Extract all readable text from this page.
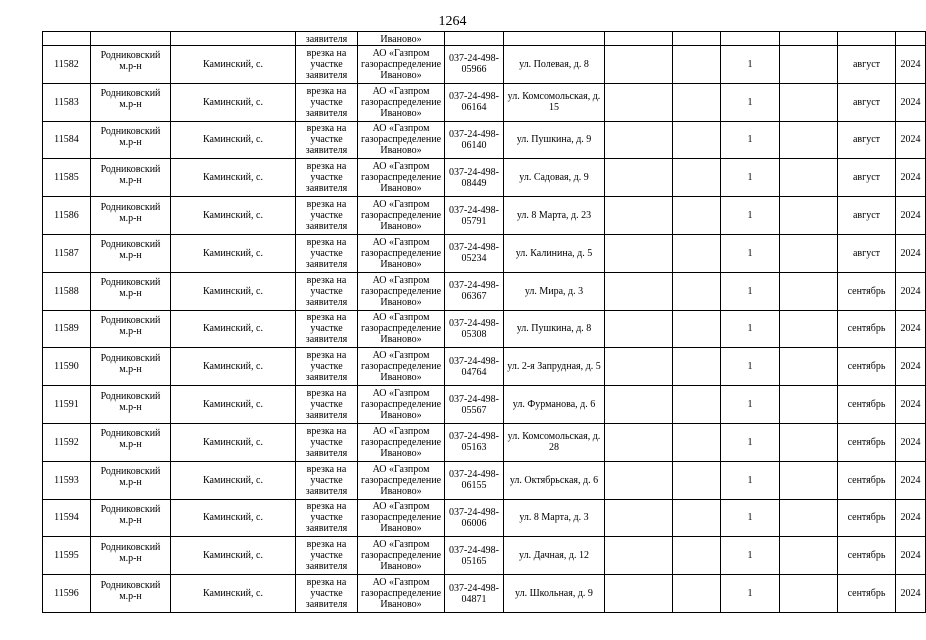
1264
			заявителя	Иваново»								
11582	Родниковский м.р-н	Каминский, с.	врезка на участке заявителя	АО «Газпром газораспределение Иваново»	037-24-498-05966	ул. Полевая, д. 8			1		август	2024
11583	Родниковский м.р-н	Каминский, с.	врезка на участке заявителя	АО «Газпром газораспределение Иваново»	037-24-498-06164	ул. Комсомольская, д. 15			1		август	2024
11584	Родниковский м.р-н	Каминский, с.	врезка на участке заявителя	АО «Газпром газораспределение Иваново»	037-24-498-06140	ул. Пушкина, д. 9			1		август	2024
11585	Родниковский м.р-н	Каминский, с.	врезка на участке заявителя	АО «Газпром газораспределение Иваново»	037-24-498-08449	ул. Садовая, д. 9			1		август	2024
11586	Родниковский м.р-н	Каминский, с.	врезка на участке заявителя	АО «Газпром газораспределение Иваново»	037-24-498-05791	ул. 8 Марта, д. 23			1		август	2024
11587	Родниковский м.р-н	Каминский, с.	врезка на участке заявителя	АО «Газпром газораспределение Иваново»	037-24-498-05234	ул. Калинина, д. 5			1		август	2024
11588	Родниковский м.р-н	Каминский, с.	врезка на участке заявителя	АО «Газпром газораспределение Иваново»	037-24-498-06367	ул. Мира, д. 3			1		сентябрь	2024
11589	Родниковский м.р-н	Каминский, с.	врезка на участке заявителя	АО «Газпром газораспределение Иваново»	037-24-498-05308	ул. Пушкина, д. 8			1		сентябрь	2024
11590	Родниковский м.р-н	Каминский, с.	врезка на участке заявителя	АО «Газпром газораспределение Иваново»	037-24-498-04764	ул. 2-я Запрудная, д. 5			1		сентябрь	2024
11591	Родниковский м.р-н	Каминский, с.	врезка на участке заявителя	АО «Газпром газораспределение Иваново»	037-24-498-05567	ул. Фурманова, д. 6			1		сентябрь	2024
11592	Родниковский м.р-н	Каминский, с.	врезка на участке заявителя	АО «Газпром газораспределение Иваново»	037-24-498-05163	ул. Комсомольская, д. 28			1		сентябрь	2024
11593	Родниковский м.р-н	Каминский, с.	врезка на участке заявителя	АО «Газпром газораспределение Иваново»	037-24-498-06155	ул. Октябрьская, д. 6			1		сентябрь	2024
11594	Родниковский м.р-н	Каминский, с.	врезка на участке заявителя	АО «Газпром газораспределение Иваново»	037-24-498-06006	ул. 8 Марта, д. 3			1		сентябрь	2024
11595	Родниковский м.р-н	Каминский, с.	врезка на участке заявителя	АО «Газпром газораспределение Иваново»	037-24-498-05165	ул. Дачная, д. 12			1		сентябрь	2024
11596	Родниковский м.р-н	Каминский, с.	врезка на участке заявителя	АО «Газпром газораспределение Иваново»	037-24-498-04871	ул. Школьная, д. 9			1		сентябрь	2024
